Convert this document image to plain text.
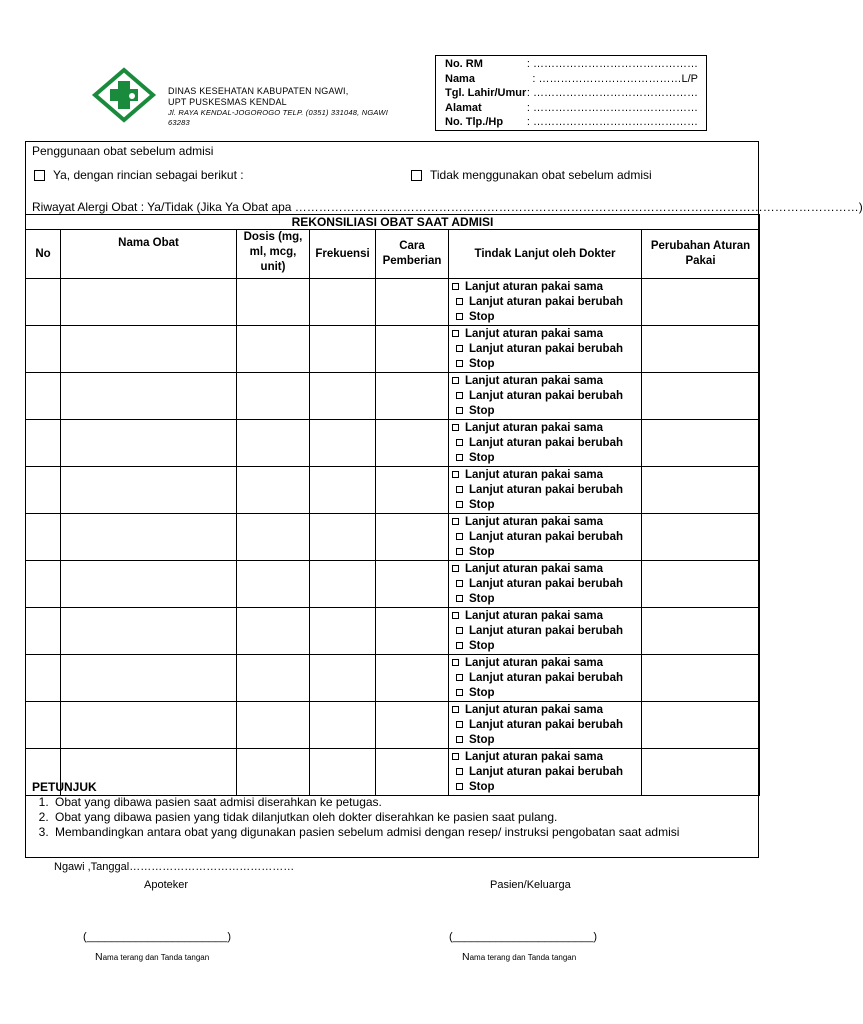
DINAS KESEHATAN KABUPATEN NGAWI,
UPT PUSKESMAS KENDAL
Jl. RAYA KENDAL-JOGOROGO TELP. (0351) 331048, NGAWI
63283
No. RM	: ………………………………………
Nama	: …………………………………L/P
Tgl. Lahir/Umur : ………………………………………
Alamat	: ………………………………………
No. Tlp./Hp	: ………………………………………
Penggunaan obat sebelum admisi
Ya, dengan rincian sebagai berikut :	Tidak menggunakan obat sebelum admisi
Riwayat Alergi Obat : Ya/Tidak (Jika Ya Obat apa ……………………………………………………………………………………………………………………………)
REKONSILIASI OBAT SAAT ADMISI						
No	Nama Obat	Dosis (mg, ml, mcg, unit)	Frekuensi	Cara Pemberian	Tindak Lanjut oleh Dokter	Perubahan Aturan Pakai

					Lanjut aturan pakai sama
Lanjut aturan pakai berubah
Stop	

					Lanjut aturan pakai sama
Lanjut aturan pakai berubah
Stop	

					Lanjut aturan pakai sama
Lanjut aturan pakai berubah
Stop	

					Lanjut aturan pakai sama
Lanjut aturan pakai berubah
Stop	

					Lanjut aturan pakai sama
Lanjut aturan pakai berubah
Stop	

					Lanjut aturan pakai sama
Lanjut aturan pakai berubah
Stop	

					Lanjut aturan pakai sama
Lanjut aturan pakai berubah
Stop	

					Lanjut aturan pakai sama
Lanjut aturan pakai berubah
Stop	

					Lanjut aturan pakai sama
Lanjut aturan pakai berubah
Stop	

					Lanjut aturan pakai sama
Lanjut aturan pakai berubah
Stop	

					Lanjut aturan pakai sama
Lanjut aturan pakai berubah
Stop	

PETUNJUK
1. Obat yang dibawa pasien saat admisi diserahkan ke petugas.
2. Obat yang dibawa pasien yang tidak dilanjutkan oleh dokter diserahkan ke pasien saat pulang.
3. Membandingkan antara obat yang digunakan pasien sebelum admisi dengan resep/ instruksi pengobatan saat admisi
Ngawi ,Tanggal………………………………………
Apoteker	Pasien/Keluarga
(_______________________)	(_______________________)
Nama terang dan Tanda tangan	Nama terang dan Tanda tangan
